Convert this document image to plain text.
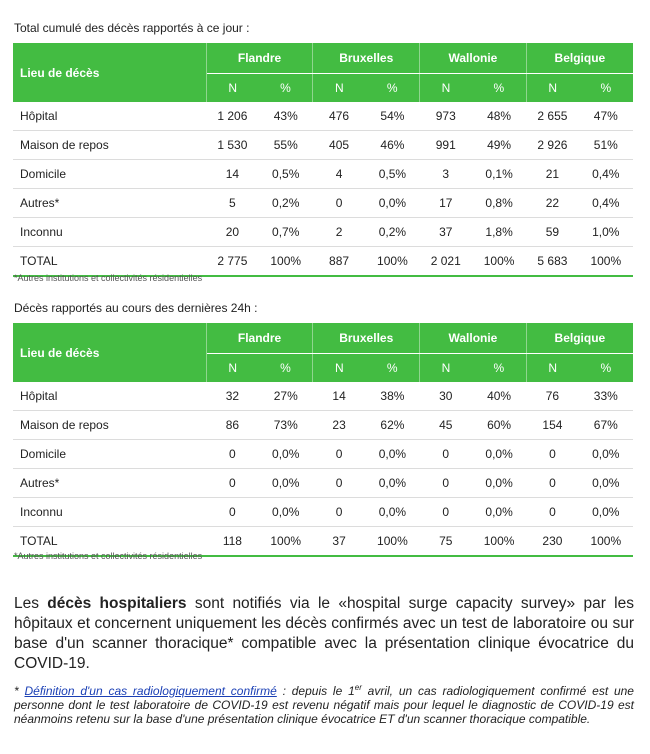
Total cumulé des décès rapportés à ce jour :
Lieu de décès	Flandre		Bruxelles		Wallonie		Belgique	
	N	%	N	%	N	%	N	%
Hôpital	1 206	43%	476	54%	973	48%	2 655	47%
Maison de repos	1 530	55%	405	46%	991	49%	2 926	51%
Domicile	14	0,5%	4	0,5%	3	0,1%	21	0,4%
Autres*	5	0,2%	0	0,0%	17	0,8%	22	0,4%
Inconnu	20	0,7%	2	0,2%	37	1,8%	59	1,0%
TOTAL	2 775	100%	887	100%	2 021	100%	5 683	100%
*Autres institutions et collectivités résidentielles
Décès rapportés au cours des dernières 24h :
Lieu de décès	Flandre		Bruxelles		Wallonie		Belgique	
	N	%	N	%	N	%	N	%
Hôpital	32	27%	14	38%	30	40%	76	33%
Maison de repos	86	73%	23	62%	45	60%	154	67%
Domicile	0	0,0%	0	0,0%	0	0,0%	0	0,0%
Autres*	0	0,0%	0	0,0%	0	0,0%	0	0,0%
Inconnu	0	0,0%	0	0,0%	0	0,0%	0	0,0%
TOTAL	118	100%	37	100%	75	100%	230	100%
*Autres institutions et collectivités résidentielles
Les décès hospitaliers sont notifiés via le «hospital surge capacity survey» par les hôpitaux et concernent uniquement les décès confirmés avec un test de laboratoire ou sur base d'un scanner thoracique* compatible avec la présentation clinique évocatrice du COVID-19.
* Définition d'un cas radiologiquement confirmé : depuis le 1er avril, un cas radiologiquement confirmé est une personne dont le test laboratoire de COVID-19 est revenu négatif mais pour lequel le diagnostic de COVID-19 est néanmoins retenu sur la base d'une présentation clinique évocatrice ET d'un scanner thoracique compatible.
